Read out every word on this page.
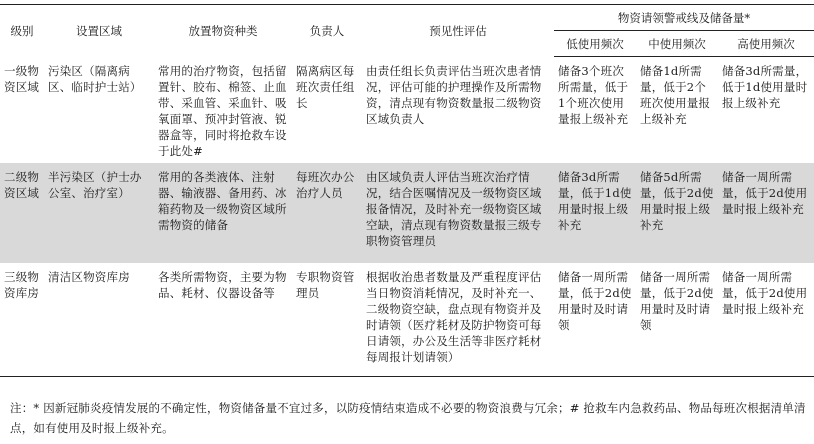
级别	设置区域	放置物资种类	负责人	预见性评估	物资请领警戒线及储备量*		
					低使用频次	中使用频次	高使用频次
一级物资区域	污染区（隔离病区、临时护士站）	常用的治疗物资，包括留置针、胶布、棉签、止血带、采血管、采血针、吸氧面罩、预冲封管液、锐器盒等，同时将抢救车设于此处#	隔离病区每班次责任组长	由责任组长负责评估当班次患者情况，评估可能的护理操作及所需物资，清点现有物资数量报二级物资区域负责人	储备3个班次所需量，低于1个班次使用量报上级补充	储备1d所需量，低于2个班次使用量报上级补充	储备3d所需量，低于1d使用量时报上级补充
二级物资区域	半污染区（护士办公室、治疗室）	常用的各类液体、注射器、输液器、备用药、冰箱药物及一级物资区域所需物资的储备	每班次办公治疗人员	由区域负责人评估当班次治疗情况，结合医嘱情况及一级物资区域报备情况，及时补充一级物资区域空缺，清点现有物资数量报三级专职物资管理员	储备3d所需量，低于1d使用量时报上级补充	储备5d所需量，低于2d使用量时报上级补充	储备一周所需量，低于2d使用量时报上级补充
三级物资库房	清洁区物资库房	各类所需物资，主要为物品、耗材、仪器设备等	专职物资管理员	根据收治患者数量及严重程度评估当日物资消耗情况，及时补充一、二级物资空缺，盘点现有物资并及时请领（医疗耗材及防护物资可每日请领，办公及生活等非医疗耗材每周报计划请领）	储备一周所需量，低于2d使用量时及时请领	储备一周所需量，低于2d使用量时及时请领	储备一周所需量，低于2d使用量时报上级补充
注：* 因新冠肺炎疫情发展的不确定性，物资储备量不宜过多，以防疫情结束造成不必要的物资浪费与冗余；# 抢救车内急救药品、物品每班次根据清单清点，如有使用及时报上级补充。
